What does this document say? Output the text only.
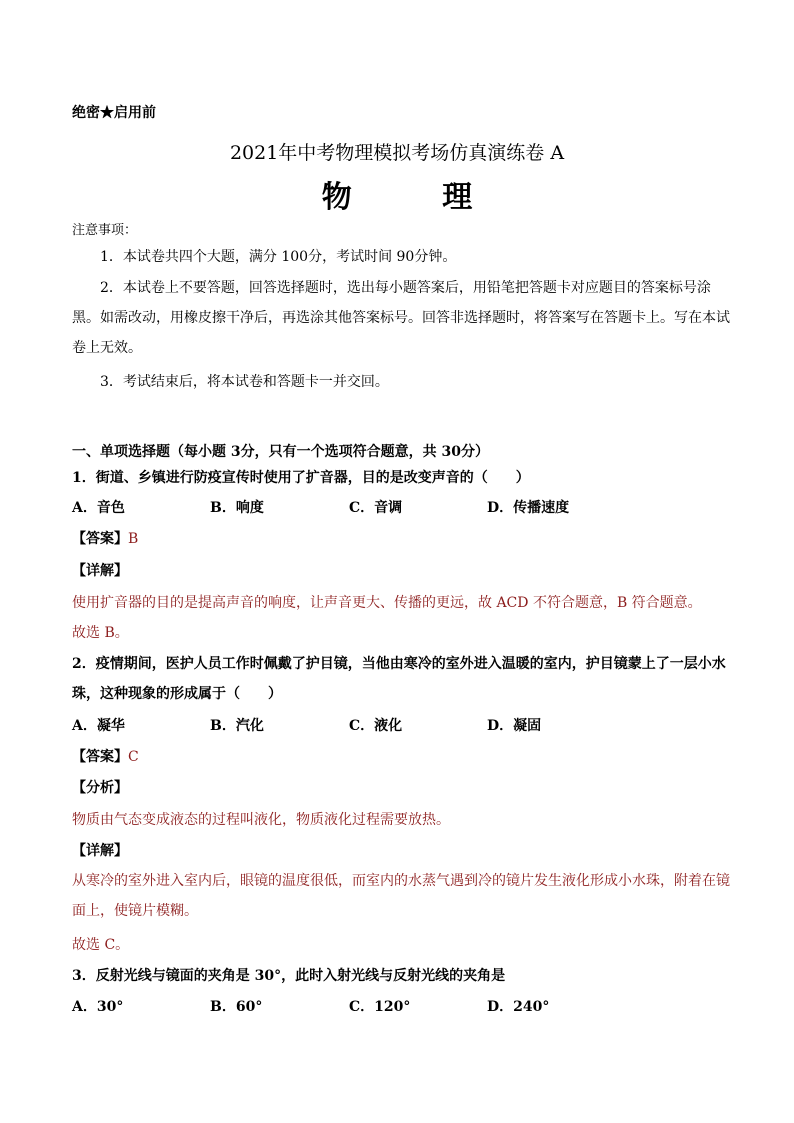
绝密★启用前
2021年中考物理模拟考场仿真演练卷 A
物 理
注意事项：
1．本试卷共四个大题，满分 100分，考试时间 90分钟。
2．本试卷上不要答题，回答选择题时，选出每小题答案后，用铅笔把答题卡对应题目的答案标号涂黑。如需改动，用橡皮擦干净后，再选涂其他答案标号。回答非选择题时，将答案写在答题卡上。写在本试卷上无效。
3．考试结束后，将本试卷和答题卡一并交回。
一、单项选择题（每小题 3分，只有一个选项符合题意，共 30分）
1．街道、乡镇进行防疫宣传时使用了扩音器，目的是改变声音的（　　）
A．音色	B．响度	C．音调	D．传播速度
【答案】B
【详解】
使用扩音器的目的是提高声音的响度，让声音更大、传播的更远，故 ACD 不符合题意，B 符合题意。
故选 B。
2．疫情期间，医护人员工作时佩戴了护目镜，当他由寒冷的室外进入温暖的室内，护目镜蒙上了一层小水珠，这种现象的形成属于（　　）
A．凝华	B．汽化	C．液化	D．凝固
【答案】C
【分析】
物质由气态变成液态的过程叫液化，物质液化过程需要放热。
【详解】
从寒冷的室外进入室内后，眼镜的温度很低，而室内的水蒸气遇到冷的镜片发生液化形成小水珠，附着在镜面上，使镜片模糊。
故选 C。
3．反射光线与镜面的夹角是 30°，此时入射光线与反射光线的夹角是
A．30°	B．60°	C．120°	D．240°
